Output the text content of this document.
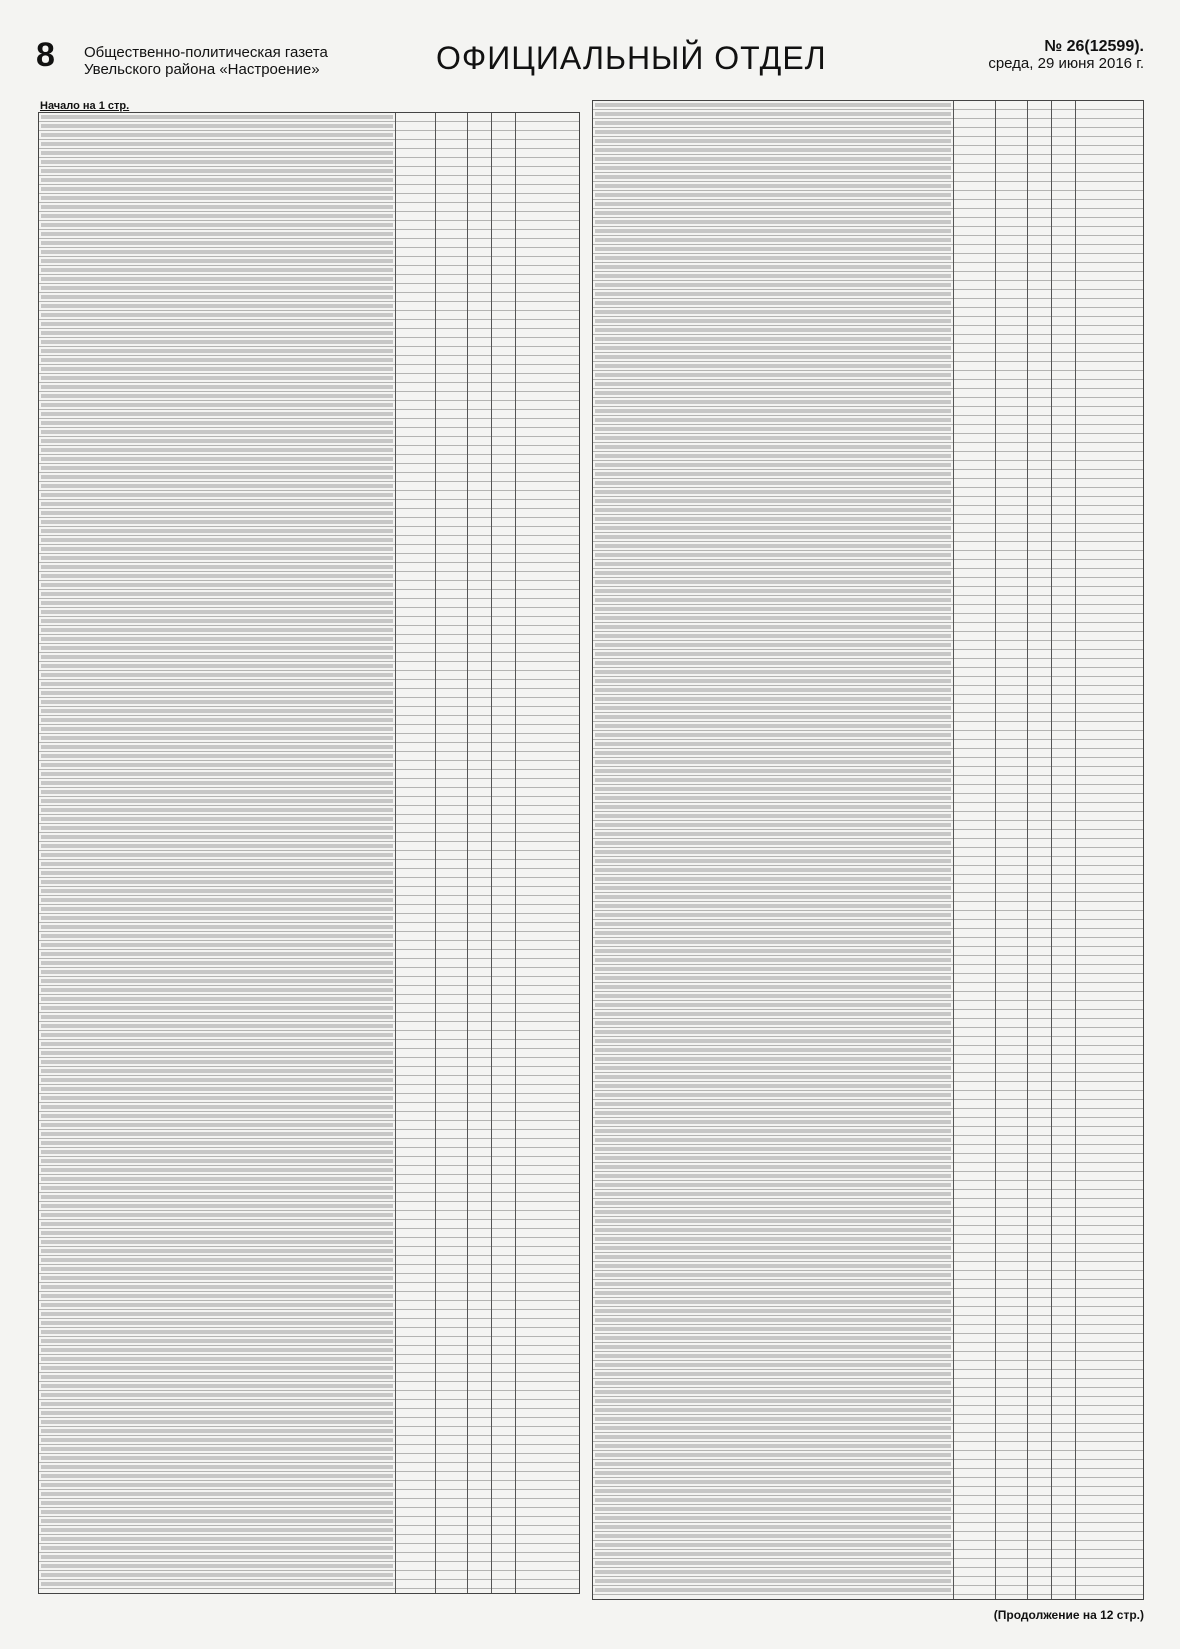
8 Общественно-политическая газета
Увельского района «Настроение»	ОФИЦИАЛЬНЫЙ ОТДЕЛ	№ 26(12599).
среда, 29 июня 2016 г.
Начало на 1 стр.
(Продолжение на 12 стр.)
